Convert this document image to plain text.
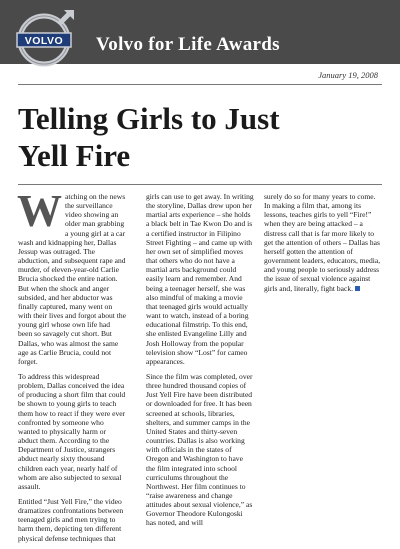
VOLVO Volvo for Life Awards
January 19, 2008
Telling Girls to Just Yell Fire

Watching on the news the surveillance video showing an older man grabbing a young girl at a car wash and kidnapping her, Dallas Jessup was outraged. The abduction, and subsequent rape and murder, of eleven-year-old Carlie Brucia shocked the entire nation. But when the shock and anger subsided, and her abductor was finally captured, many went on with their lives and forgot about the young girl whose own life had been so savagely cut short. But Dallas, who was almost the same age as Carlie Brucia, could not forget.

To address this widespread problem, Dallas conceived the idea of producing a short film that could be shown to young girls to teach them how to react if they were ever confronted by someone who wanted to physically harm or abduct them. According to the Department of Justice, strangers abduct nearly sixty thousand children each year, nearly half of whom are also subjected to sexual assault.

Entitled “Just Yell Fire,” the video dramatizes confrontations between teenaged girls and men trying to harm them, depicting ten different physical defense techniques that

girls can use to get away. In writing the storyline, Dallas drew upon her martial arts experience – she holds a black belt in Tae Kwon Do and is a certified instructor in Filipino Street Fighting – and came up with her own set of simplified moves that others who do not have a martial arts background could easily learn and remember. And being a teenager herself, she was also mindful of making a movie that teenaged girls would actually want to watch, instead of a boring educational filmstrip. To this end, she enlisted Evangeline Lilly and Josh Holloway from the popular television show “Lost” for cameo appearances.

Since the film was completed, over three hundred thousand copies of Just Yell Fire have been distributed or downloaded for free. It has been screened at schools, libraries, shelters, and summer camps in the United States and thirty-seven countries. Dallas is also working with officials in the states of Oregon and Washington to have the film integrated into school curriculums throughout the Northwest. Her film continues to “raise awareness and change attitudes about sexual violence,” as Governor Theodore Kulongoski has noted, and will

surely do so for many years to come. In making a film that, among its lessons, teaches girls to yell “Fire!” when they are being attacked – a distress call that is far more likely to get the attention of others – Dallas has herself gotten the attention of government leaders, educators, media, and young people to seriously address the issue of sexual violence against girls and, literally, fight back.
